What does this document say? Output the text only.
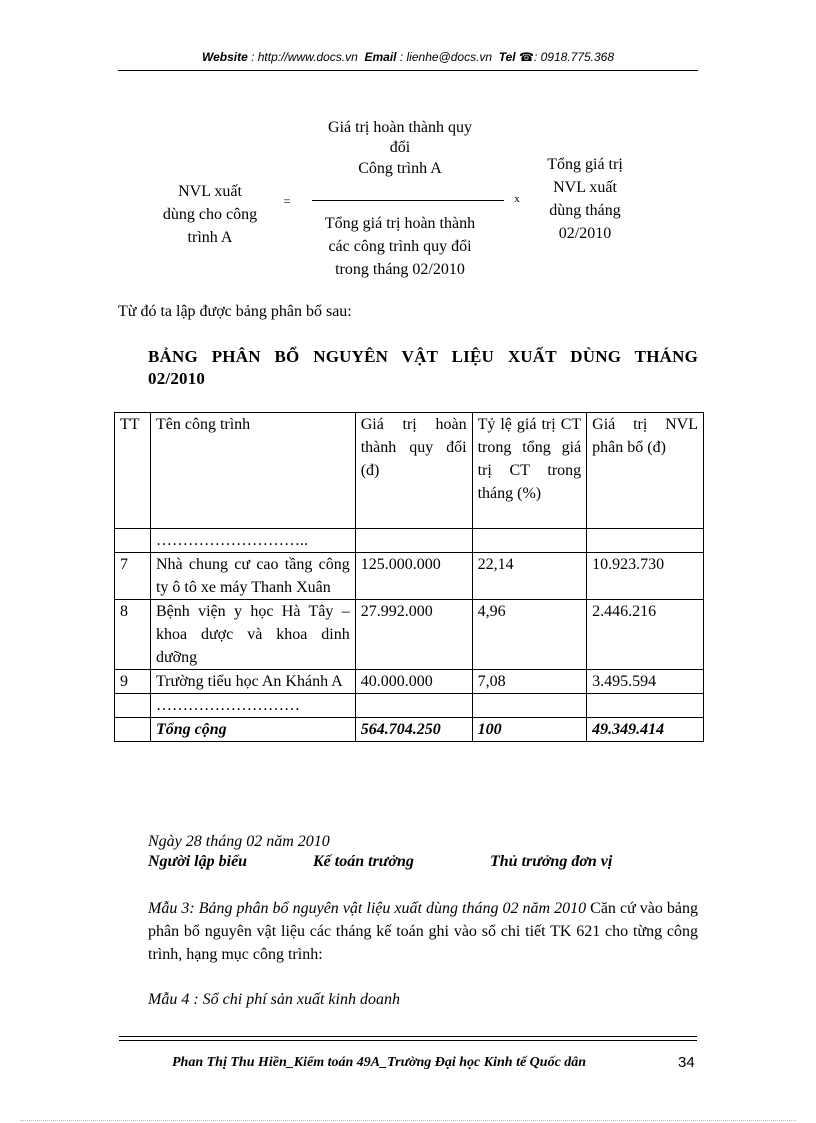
Website : http://www.docs.vn Email : lienhe@docs.vn Tel ☎: 0918.775.368
NVL xuất
dùng cho công
trình A
=
Giá trị hoàn thành quy
đổi
Công trình A
Tổng giá trị hoàn thành
các công trình quy đổi
trong tháng 02/2010
x
Tổng giá trị
NVL xuất
dùng tháng
02/2010
Từ đó ta lập được bảng phân bổ sau:
BẢNG PHÂN BỔ NGUYÊN VẬT LIỆU XUẤT DÙNG THÁNG
02/2010
TT	Tên công trình	Giá trị hoàn thành quy đổi (đ)	Tỷ lệ giá trị CT trong tổng giá trị CT trong tháng (%)	Giá trị NVL phân bổ (đ)
	………………………..			
7	Nhà chung cư cao tầng công ty ô tô xe máy Thanh Xuân	125.000.000	22,14	10.923.730
8	Bệnh viện y học Hà Tây – khoa dược và khoa dinh dưỡng	27.992.000	4,96	2.446.216
9	Trường tiểu học An Khánh A	40.000.000	7,08	3.495.594
	………………………			
	Tổng cộng	564.704.250	100	49.349.414
Ngày 28 tháng 02 năm 2010
Người lập biểu	Kế toán trưởng	Thủ trưởng đơn vị
Mẫu 3: Bảng phân bổ nguyên vật liệu xuất dùng tháng 02 năm 2010 Căn cứ vào bảng phân bổ nguyên vật liệu các tháng kế toán ghi vào sổ chi tiết TK 621 cho từng công trình, hạng mục công trình:
Mẫu 4 : Sổ chi phí sản xuất kinh doanh
Phan Thị Thu Hiền_Kiểm toán 49A_Trường Đại học Kinh tế Quốc dân	34
